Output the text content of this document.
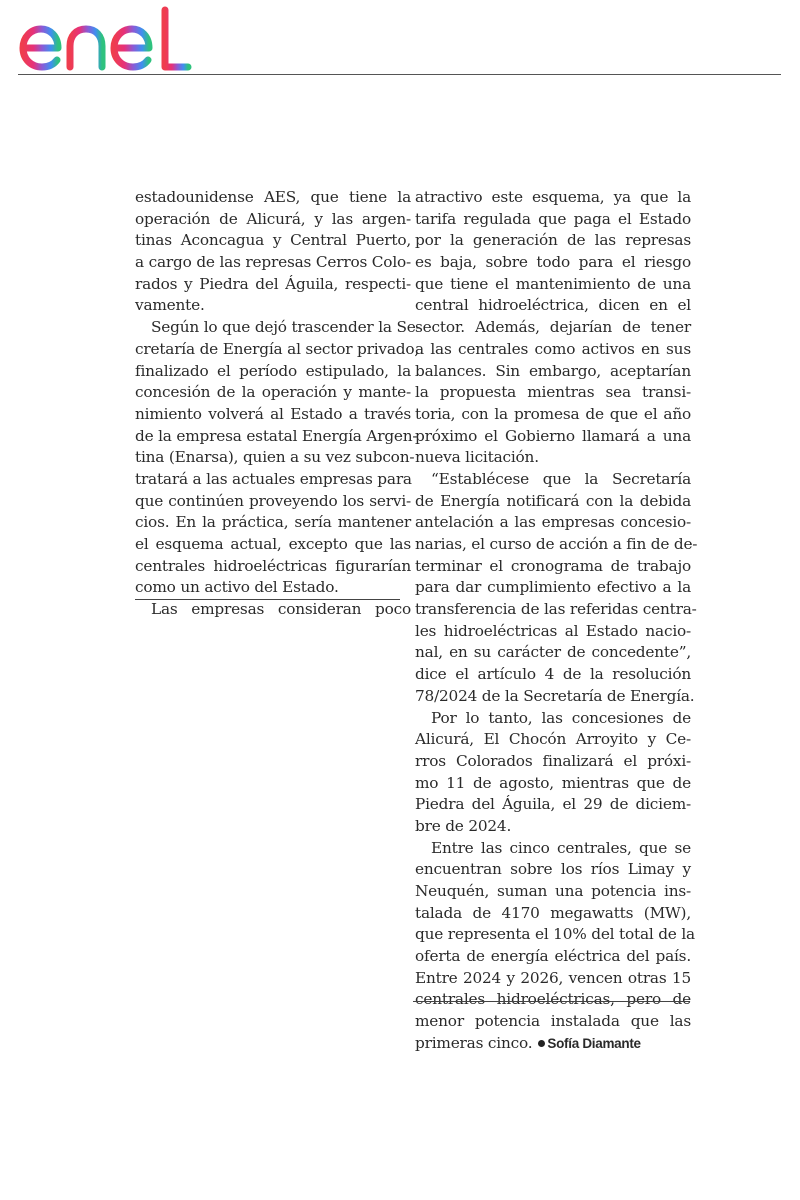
estadounidense AES, que tiene la
operación de Alicurá, y las argen-
tinas Aconcagua y Central Puerto,
a cargo de las represas Cerros Colo-
rados y Piedra del Águila, respecti-
vamente.
Según lo que dejó trascender la Se-
cretaría de Energía al sector privado,
finalizado el período estipulado, la
concesión de la operación y mante-
nimiento volverá al Estado a través
de la empresa estatal Energía Argen-
tina (Enarsa), quien a su vez subcon-
tratará a las actuales empresas para
que continúen proveyendo los servi-
cios. En la práctica, sería mantener
el esquema actual, excepto que las
centrales hidroeléctricas figurarían
como un activo del Estado.
Las empresas consideran poco
atractivo este esquema, ya que la
tarifa regulada que paga el Estado
por la generación de las represas
es baja, sobre todo para el riesgo
que tiene el mantenimiento de una
central hidroeléctrica, dicen en el
sector. Además, dejarían de tener
a las centrales como activos en sus
balances. Sin embargo, aceptarían
la propuesta mientras sea transi-
toria, con la promesa de que el año
próximo el Gobierno llamará a una
nueva licitación.
“Establécese que la Secretaría
de Energía notificará con la debida
antelación a las empresas concesio-
narias, el curso de acción a fin de de-
terminar el cronograma de trabajo
para dar cumplimiento efectivo a la
transferencia de las referidas centra-
les hidroeléctricas al Estado nacio-
nal, en su carácter de concedente”,
dice el artículo 4 de la resolución
78/2024 de la Secretaría de Energía.
Por lo tanto, las concesiones de
Alicurá, El Chocón Arroyito y Ce-
rros Colorados finalizará el próxi-
mo 11 de agosto, mientras que de
Piedra del Águila, el 29 de diciem-
bre de 2024.
Entre las cinco centrales, que se
encuentran sobre los ríos Limay y
Neuquén, suman una potencia ins-
talada de 4170 megawatts (MW),
que representa el 10% del total de la
oferta de energía eléctrica del país.
Entre 2024 y 2026, vencen otras 15
centrales hidroeléctricas, pero de
menor potencia instalada que las
primeras cinco. Sofía Diamante
